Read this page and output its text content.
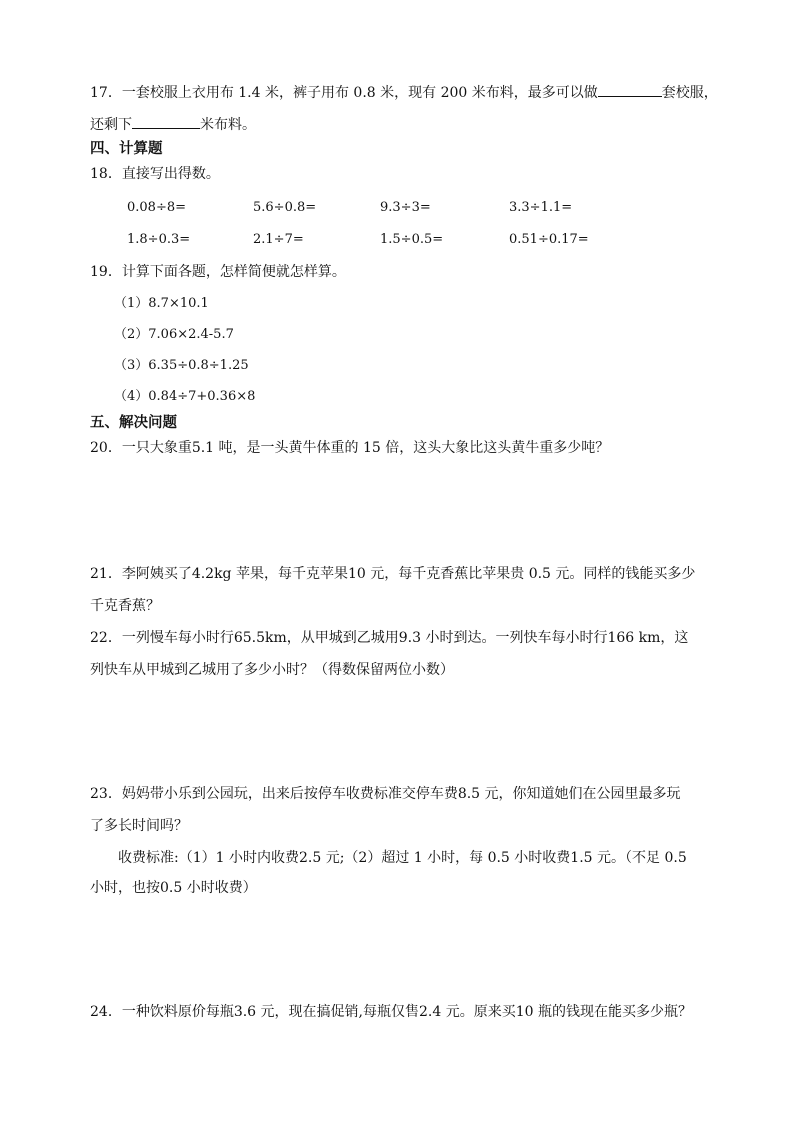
17．一套校服上衣用布 1.4 米，裤子用布 0.8 米，现有 200 米布料，最多可以做	套校服，
还剩下	米布料。
四、计算题
18．直接写出得数。
0.08÷8=	5.6÷0.8=	9.3÷3=	3.3÷1.1=
1.8÷0.3=	2.1÷7=	1.5÷0.5=	0.51÷0.17=
19．计算下面各题，怎样简便就怎样算。
（1）8.7×10.1
（2）7.06×2.4-5.7
（3）6.35÷0.8÷1.25
（4）0.84÷7+0.36×8
五、解决问题
20．一只大象重5.1 吨，是一头黄牛体重的 15 倍，这头大象比这头黄牛重多少吨？
21．李阿姨买了4.2kg 苹果，每千克苹果10 元，每千克香蕉比苹果贵 0.5 元。同样的钱能买多少
千克香蕉？
22．一列慢车每小时行65.5km，从甲城到乙城用9.3 小时到达。一列快车每小时行166 km，这
列快车从甲城到乙城用了多少小时？（得数保留两位小数）
23．妈妈带小乐到公园玩，出来后按停车收费标准交停车费8.5 元，你知道她们在公园里最多玩
了多长时间吗？
收费标准:（1）1 小时内收费2.5 元;（2）超过 1 小时，每 0.5 小时收费1.5 元。（不足 0.5
小时，也按0.5 小时收费）
24．一种饮料原价每瓶3.6 元，现在搞促销,每瓶仅售2.4 元。原来买10 瓶的钱现在能买多少瓶？
